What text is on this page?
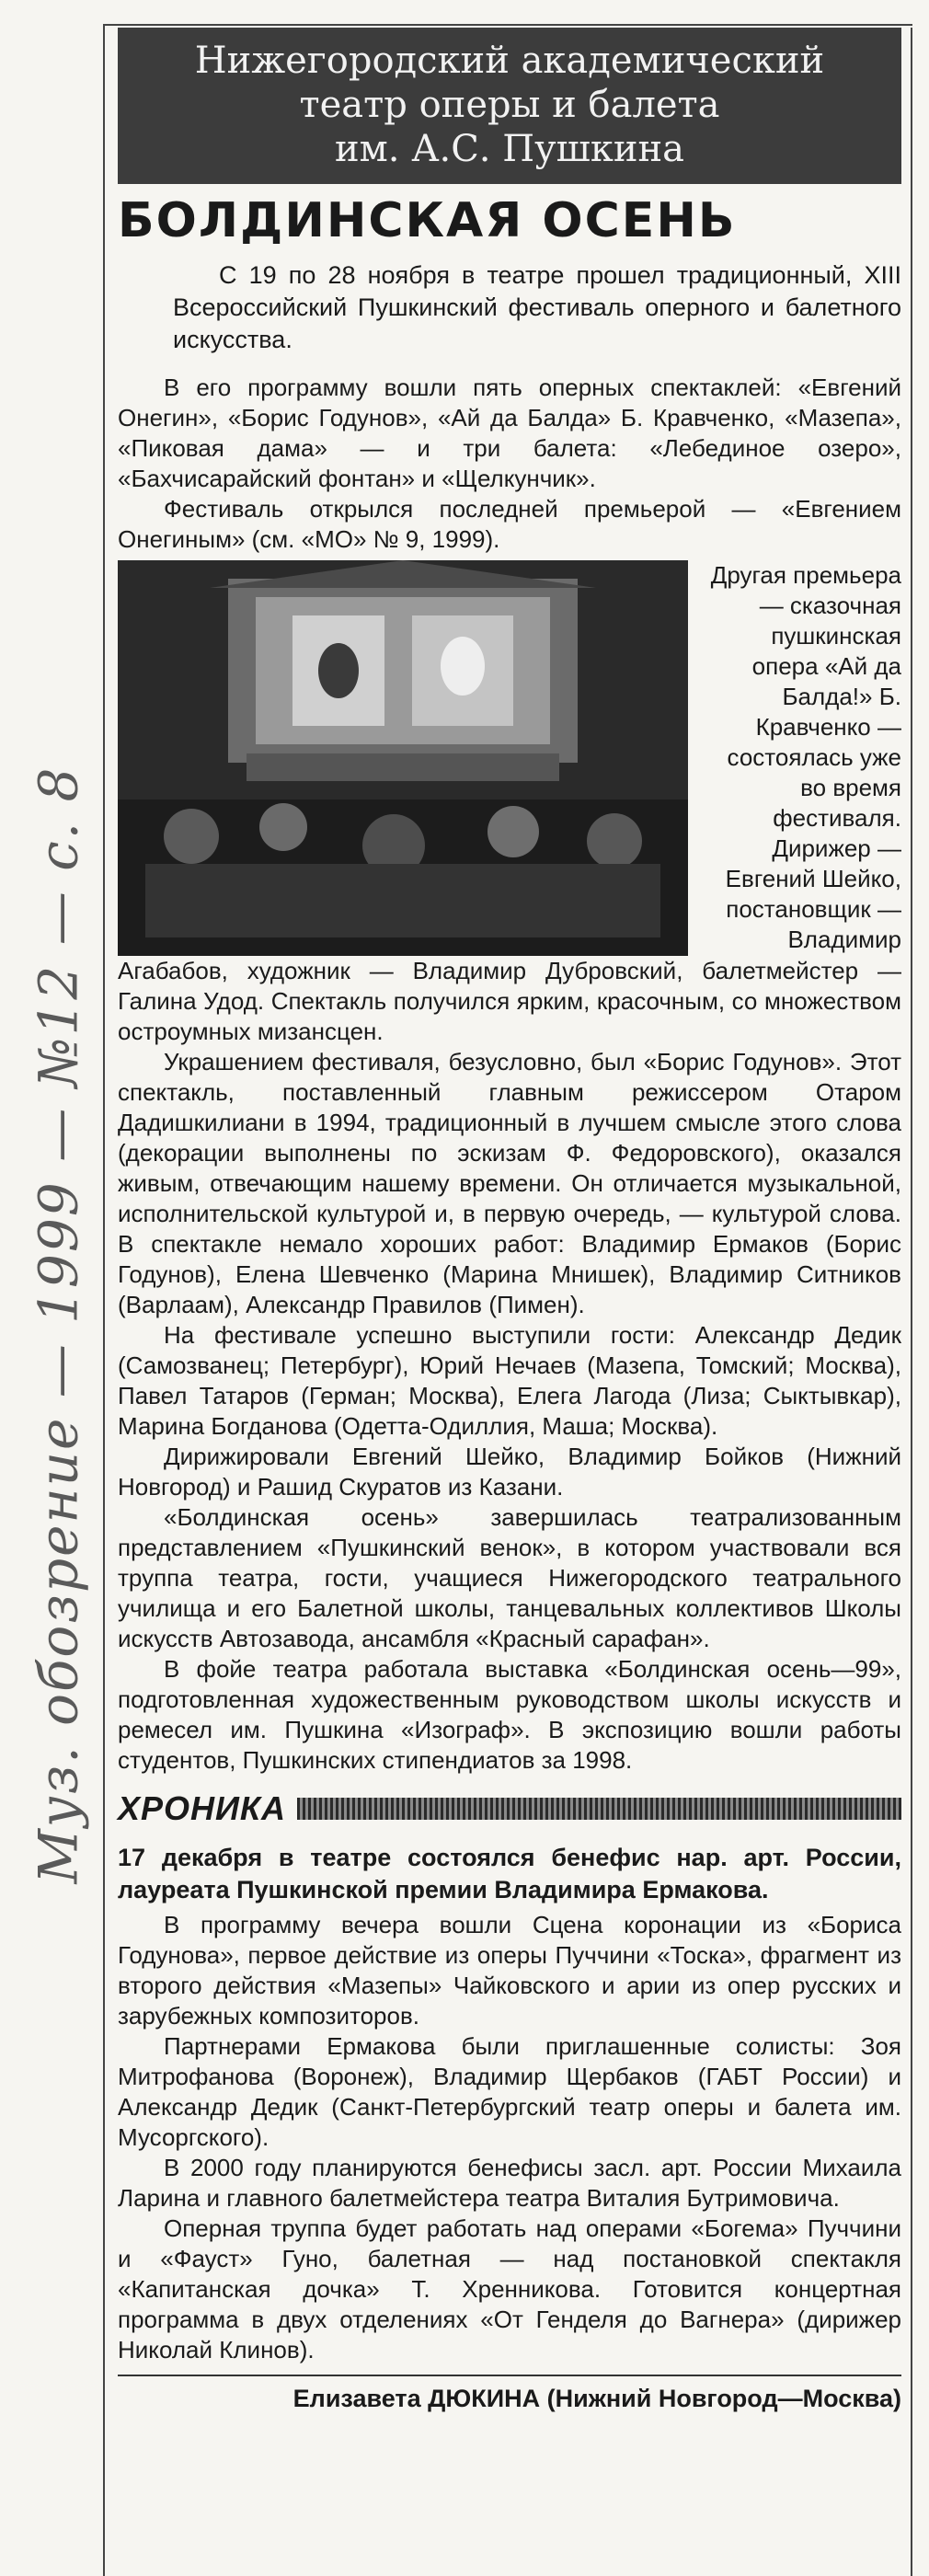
Муз. обозрение — 1999 — №12 — с. 8
Нижегородский академический
театр оперы и балета
им. А.С. Пушкина
БОЛДИНСКАЯ ОСЕНЬ

С 19 по 28 ноября в театре прошел традиционный, XIII Всероссийский Пушкинский фестиваль оперного и балетного искусства.

В его программу вошли пять оперных спектаклей: «Евгений Онегин», «Борис Годунов», «Ай да Балда» Б. Кравченко, «Мазепа», «Пиковая дама» — и три балета: «Лебединое озеро», «Бахчисарайский фонтан» и «Щелкунчик».

Фестиваль открылся последней премьерой — «Евгением Онегиным» (см. «МО» № 9, 1999).

Другая премьера — сказочная пушкинская опера «Ай да Балда!» Б. Кравченко — состоялась уже во время фестиваля. Дирижер — Евгений Шейко, постановщик — Владимир

Агабабов, художник — Владимир Дубровский, балетмейстер — Галина Удод. Спектакль получился ярким, красочным, со множеством остроумных мизансцен.

Украшением фестиваля, безусловно, был «Борис Годунов». Этот спектакль, поставленный главным режиссером Отаром Дадишкилиани в 1994, традиционный в лучшем смысле этого слова (декорации выполнены по эскизам Ф. Федоровского), оказался живым, отвечающим нашему времени. Он отличается музыкальной, исполнительской культурой и, в первую очередь, — культурой слова. В спектакле немало хороших работ: Владимир Ермаков (Борис Годунов), Елена Шевченко (Марина Мнишек), Владимир Ситников (Варлаам), Александр Правилов (Пимен).

На фестивале успешно выступили гости: Александр Дедик (Самозванец; Петербург), Юрий Нечаев (Мазепа, Томский; Москва), Павел Татаров (Герман; Москва), Елега Лагода (Лиза; Сыктывкар), Марина Богданова (Одетта-Одиллия, Маша; Москва).

Дирижировали Евгений Шейко, Владимир Бойков (Нижний Новгород) и Рашид Скуратов из Казани.

«Болдинская осень» завершилась театрализованным представлением «Пушкинский венок», в котором участвовали вся труппа театра, гости, учащиеся Нижегородского театрального училища и его Балетной школы, танцевальных коллективов Школы искусств Автозавода, ансамбля «Красный сарафан».

В фойе театра работала выставка «Болдинская осень—99», подготовленная художественным руководством школы искусств и ремесел им. Пушкина «Изограф». В экспозицию вошли работы студентов, Пушкинских стипендиатов за 1998.

ХРОНИКА

17 декабря в театре состоялся бенефис нар. арт. России, лауреата Пушкинской премии Владимира Ермакова.

В программу вечера вошли Сцена коронации из «Бориса Годунова», первое действие из оперы Пуччини «Тоска», фрагмент из второго действия «Мазепы» Чайковского и арии из опер русских и зарубежных композиторов.

Партнерами Ермакова были приглашенные солисты: Зоя Митрофанова (Воронеж), Владимир Щербаков (ГАБТ России) и Александр Дедик (Санкт-Петербургский театр оперы и балета им. Мусоргского).

В 2000 году планируются бенефисы засл. арт. России Михаила Ларина и главного балетмейстера театра Виталия Бутримовича.

Оперная труппа будет работать над операми «Богема» Пуччини и «Фауст» Гуно, балетная — над постановкой спектакля «Капитанская дочка» Т. Хренникова. Готовится концертная программа в двух отделениях «От Генделя до Вагнера» (дирижер Николай Клинов).

Елизавета ДЮКИНА (Нижний Новгород—Москва)
